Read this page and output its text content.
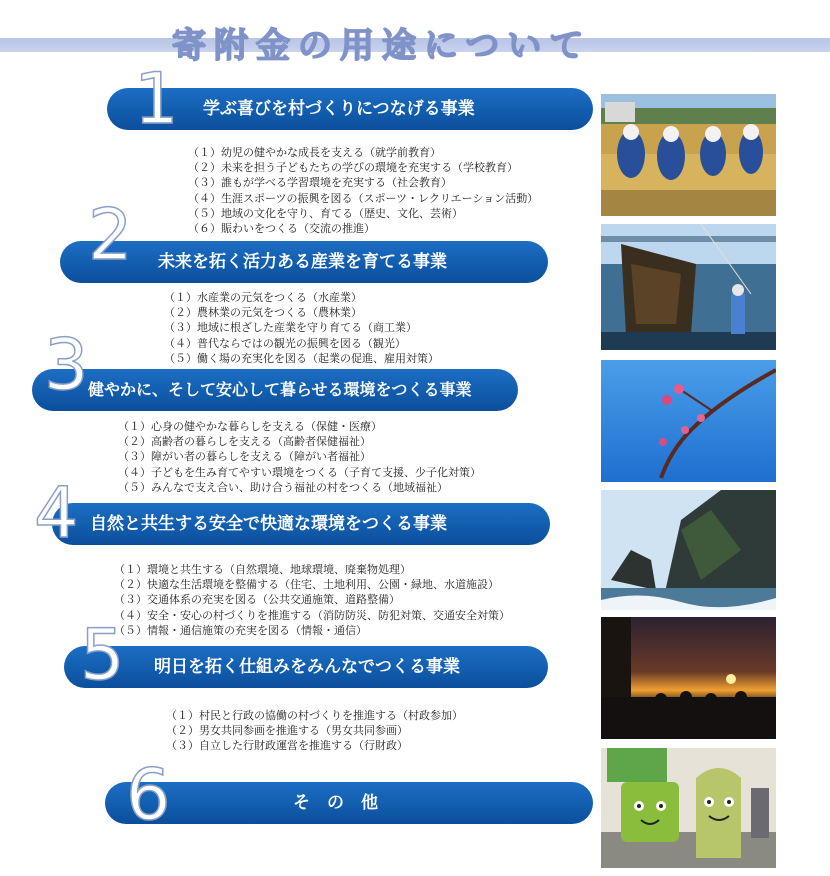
寄附金の用途について
学ぶ喜びを村づくりにつなげる事業
1
（１）幼児の健やかな成長を支える（就学前教育）
（２）未来を担う子どもたちの学びの環境を充実する（学校教育）
（３）誰もが学べる学習環境を充実する（社会教育）
（４）生涯スポーツの振興を図る（スポーツ・レクリエーション活動）
（５）地域の文化を守り、育てる（歴史、文化、芸術）
（６）賑わいをつくる（交流の推進）
未来を拓く活力ある産業を育てる事業
2
（１）水産業の元気をつくる（水産業）
（２）農林業の元気をつくる（農林業）
（３）地域に根ざした産業を守り育てる（商工業）
（４）普代ならではの観光の振興を図る（観光）
（５）働く場の充実化を図る（起業の促進、雇用対策）
健やかに、そして安心して暮らせる環境をつくる事業
3
（１）心身の健やかな暮らしを支える（保健・医療）
（２）高齢者の暮らしを支える（高齢者保健福祉）
（３）障がい者の暮らしを支える（障がい者福祉）
（４）子どもを生み育てやすい環境をつくる（子育て支援、少子化対策）
（５）みんなで支え合い、助け合う福祉の村をつくる（地域福祉）
自然と共生する安全で快適な環境をつくる事業
4
（１）環境と共生する（自然環境、地球環境、廃棄物処理）
（２）快適な生活環境を整備する（住宅、土地利用、公園・緑地、水道施設）
（３）交通体系の充実を図る（公共交通施策、道路整備）
（４）安全・安心の村づくりを推進する（消防防災、防犯対策、交通安全対策）
（５）情報・通信施策の充実を図る（情報・通信）
明日を拓く仕組みをみんなでつくる事業
5
（１）村民と行政の協働の村づくりを推進する（村政参加）
（２）男女共同参画を推進する（男女共同参画）
（３）自立した行財政運営を推進する（行財政）
そ　の　他
6
